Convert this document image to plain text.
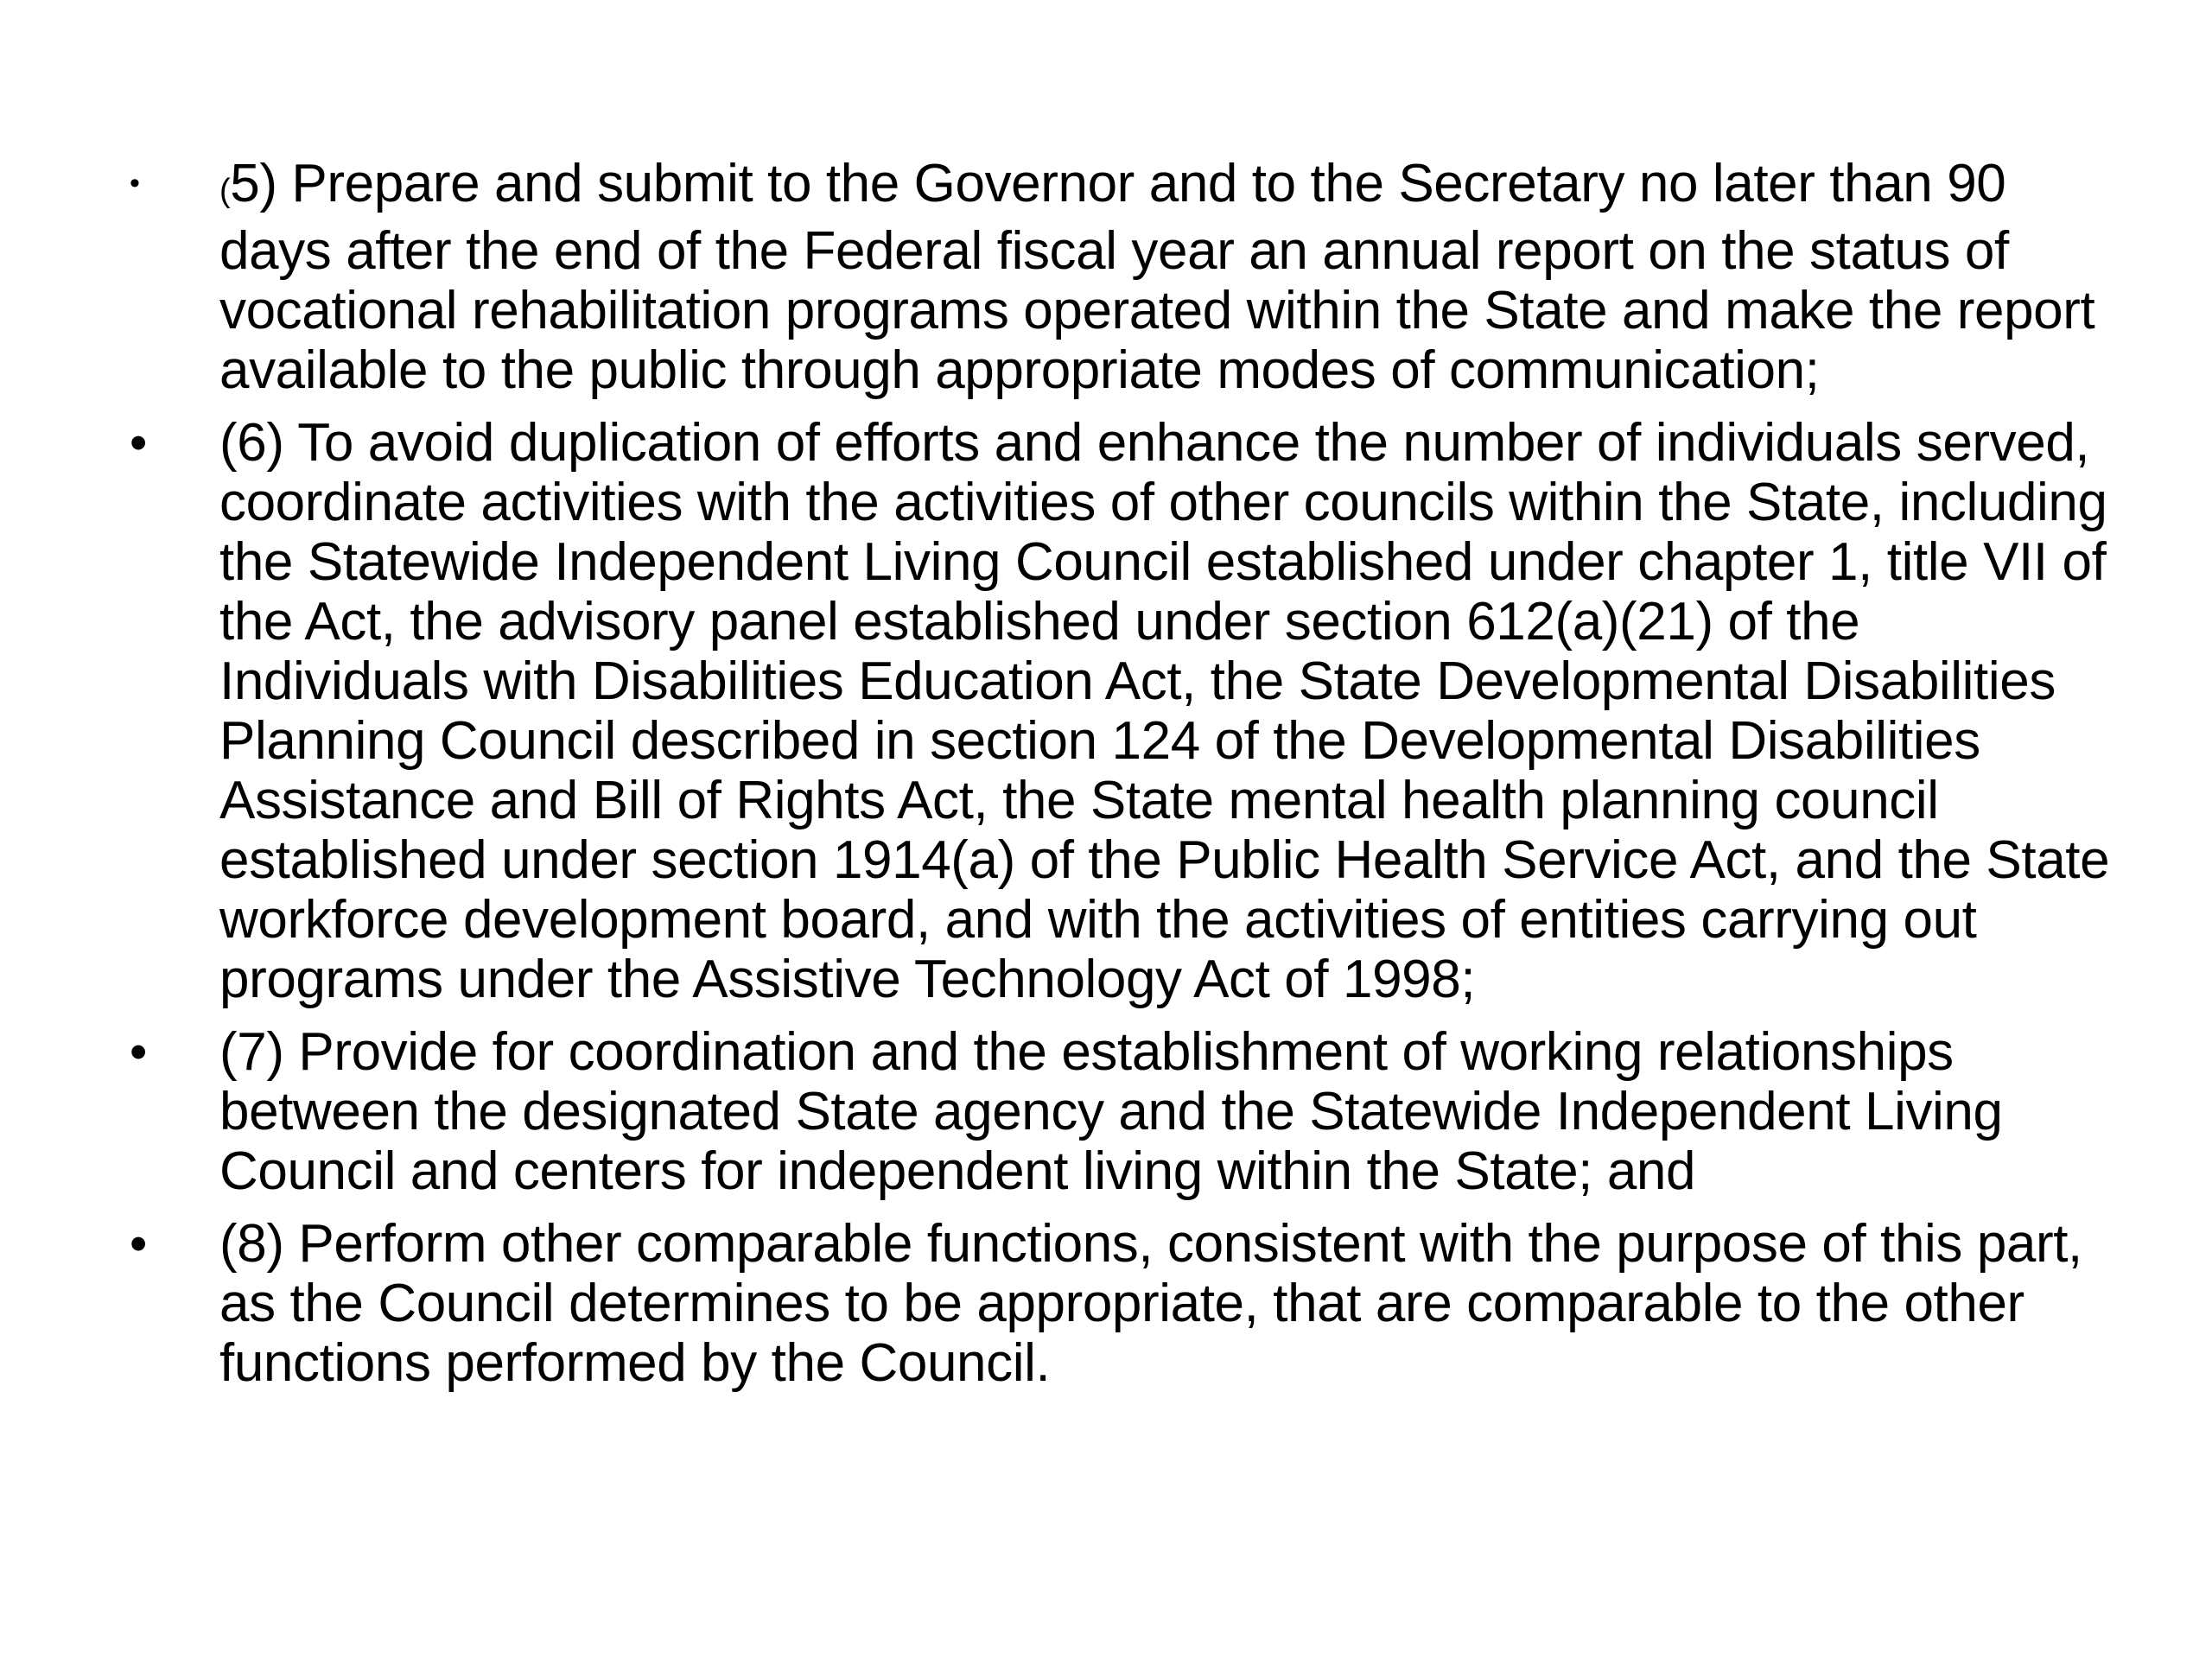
•	(5) Prepare and submit to the Governor and to the Secretary no later than 90 days after the end of the Federal fiscal year an annual report on the status of vocational rehabilitation programs operated within the State and make the report available to the public through appropriate modes of communication;
• (6) To avoid duplication of efforts and enhance the number of individuals served, coordinate activities with the activities of other councils within the State, including the Statewide Independent Living Council established under chapter 1, title VII of the Act, the advisory panel established under section 612(a)(21) of the Individuals with Disabilities Education Act, the State Developmental Disabilities Planning Council described in section 124 of the Developmental Disabilities Assistance and Bill of Rights Act, the State mental health planning council established under section 1914(a) of the Public Health Service Act, and the State workforce development board, and with the activities of entities carrying out programs under the Assistive Technology Act of 1998;
• (7) Provide for coordination and the establishment of working relationships between the designated State agency and the Statewide Independent Living Council and centers for independent living within the State; and
• (8) Perform other comparable functions, consistent with the purpose of this part, as the Council determines to be appropriate, that are comparable to the other functions performed by the Council.
